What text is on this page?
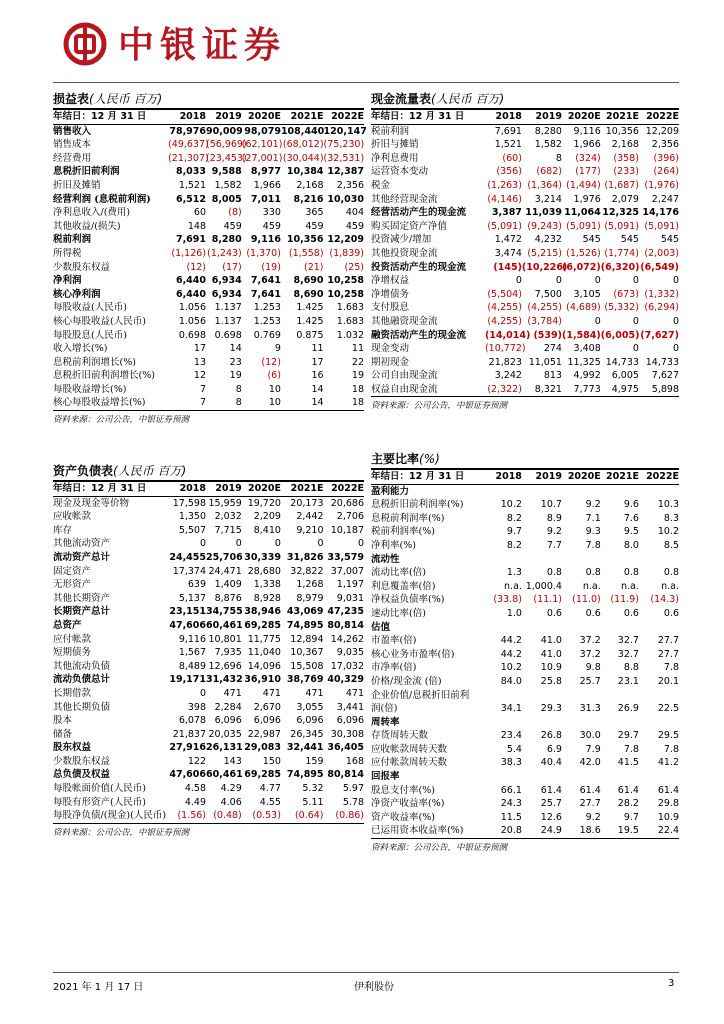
中银证券
损益表(人民币 百万)
年结日：12 月 31 日	2018	2019	2020E	2021E	2022E

销售收入	78,976	90,009	98,079	108,440	120,147
销售成本	(49,637)	(56,969)	(62,101)	(68,012)	(75,230)
经营费用	(21,307)	(23,453)	(27,001)	(30,044)	(32,531)
息税折旧前利润	8,033	9,588	8,977	10,384	12,387
折旧及摊销	1,521	1,582	1,966	2,168	2,356
经营利润 (息税前利润)	6,512	8,005	7,011	8,216	10,030
净利息收入/(费用)	60	(8)	330	365	404
其他收益/(损失)	148	459	459	459	459
税前利润	7,691	8,280	9,116	10,356	12,209
所得税	(1,126)	(1,243)	(1,370)	(1,558)	(1,839)
少数股东权益	(12)	(17)	(19)	(21)	(25)
净利润	6,440	6,934	7,641	8,690	10,258
核心净利润	6,440	6,934	7,641	8,690	10,258
每股收益(人民币)	1.056	1.137	1.253	1.425	1.683
核心每股收益(人民币)	1.056	1.137	1.253	1.425	1.683
每股股息(人民币)	0.698	0.698	0.769	0.875	1.032
收入增长(%)	17	14	9	11	11
息税前利润增长(%)	13	23	(12)	17	22
息税折旧前利润增长(%)	12	19	(6)	16	19
每股收益增长(%)	7	8	10	14	18
核心每股收益增长(%)	7	8	10	14	18
资料来源：公司公告，中银证券预测
现金流量表(人民币 百万)
年结日：12 月 31 日	2018	2019	2020E	2021E	2022E

税前利润	7,691	8,280	9,116	10,356	12,209
折旧与摊销	1,521	1,582	1,966	2,168	2,356
净利息费用	(60)	8	(324)	(358)	(396)
运营资本变动	(356)	(682)	(177)	(233)	(264)
税金	(1,263)	(1,364)	(1,494)	(1,687)	(1,976)
其他经营现金流	(4,146)	3,214	1,976	2,079	2,247
经营活动产生的现金流	3,387	11,039	11,064	12,325	14,176
购买固定资产净值	(5,091)	(9,243)	(5,091)	(5,091)	(5,091)
投资减少/增加	1,472	4,232	545	545	545
其他投资现金流	3,474	(5,215)	(1,526)	(1,774)	(2,003)
投资活动产生的现金流	(145)	(10,226)	(6,072)	(6,320)	(6,549)
净增权益	0	0	0	0	0
净增债务	(5,504)	7,500	3,105	(673)	(1,332)
支付股息	(4,255)	(4,255)	(4,689)	(5,332)	(6,294)
其他融资现金流	(4,255)	(3,784)	0	0	0
融资活动产生的现金流	(14,014)	(539)	(1,584)	(6,005)	(7,627)
现金变动	(10,772)	274	3,408	0	0
期初现金	21,823	11,051	11,325	14,733	14,733
公司自由现金流	3,242	813	4,992	6,005	7,627
权益自由现金流	(2,322)	8,321	7,773	4,975	5,898
资料来源：公司公告，中银证券预测
资产负债表(人民币 百万)
年结日：12 月 31 日	2018	2019	2020E	2021E	2022E

现金及现金等价物	17,598	15,959	19,720	20,173	20,686
应收帐款	1,350	2,032	2,209	2,442	2,706
库存	5,507	7,715	8,410	9,210	10,187
其他流动资产	0	0	0	0	0
流动资产总计	24,455	25,706	30,339	31,826	33,579
固定资产	17,374	24,471	28,680	32,822	37,007
无形资产	639	1,409	1,338	1,268	1,197
其他长期资产	5,137	8,876	8,928	8,979	9,031
长期资产总计	23,151	34,755	38,946	43,069	47,235
总资产	47,606	60,461	69,285	74,895	80,814
应付帐款	9,116	10,801	11,775	12,894	14,262
短期债务	1,567	7,935	11,040	10,367	9,035
其他流动负债	8,489	12,696	14,096	15,508	17,032
流动负债总计	19,171	31,432	36,910	38,769	40,329
长期借款	0	471	471	471	471
其他长期负债	398	2,284	2,670	3,055	3,441
股本	6,078	6,096	6,096	6,096	6,096
储备	21,837	20,035	22,987	26,345	30,308
股东权益	27,916	26,131	29,083	32,441	36,405
少数股东权益	122	143	150	159	168
总负债及权益	47,606	60,461	69,285	74,895	80,814
每股帐面价值(人民币)	4.58	4.29	4.77	5.32	5.97
每股有形资产(人民币)	4.49	4.06	4.55	5.11	5.78
每股净负债/(现金)(人民币)	(1.56)	(0.48)	(0.53)	(0.64)	(0.86)
资料来源：公司公告，中银证券预测
主要比率(%)
年结日：12 月 31 日	2018	2019	2020E	2021E	2022E

盈利能力					
息税折旧前利润率(%)	10.2	10.7	9.2	9.6	10.3
息税前利润率(%)	8.2	8.9	7.1	7.6	8.3
税前利润率(%)	9.7	9.2	9.3	9.5	10.2
净利率(%)	8.2	7.7	7.8	8.0	8.5
流动性					
流动比率(倍)	1.3	0.8	0.8	0.8	0.8
利息覆盖率(倍)	n.a.	1,000.4	n.a.	n.a.	n.a.
净权益负债率(%)	(33.8)	(11.1)	(11.0)	(11.9)	(14.3)
速动比率(倍)	1.0	0.6	0.6	0.6	0.6
估值					
市盈率(倍)	44.2	41.0	37.2	32.7	27.7
核心业务市盈率(倍)	44.2	41.0	37.2	32.7	27.7
市净率(倍)	10.2	10.9	9.8	8.8	7.8
价格/现金流 (倍)	84.0	25.8	25.7	23.1	20.1
企业价值/息税折旧前利					
润(倍)	34.1	29.3	31.3	26.9	22.5
周转率					
存货周转天数	23.4	26.8	30.0	29.7	29.5
应收帐款周转天数	5.4	6.9	7.9	7.8	7.8
应付帐款周转天数	38.3	40.4	42.0	41.5	41.2
回报率					
股息支付率(%)	66.1	61.4	61.4	61.4	61.4
净资产收益率(%)	24.3	25.7	27.7	28.2	29.8
资产收益率(%)	11.5	12.6	9.2	9.7	10.9
已运用资本收益率(%)	20.8	24.9	18.6	19.5	22.4
资料来源：公司公告，中银证券预测
2021 年 1 月 17 日	伊利股份	3
